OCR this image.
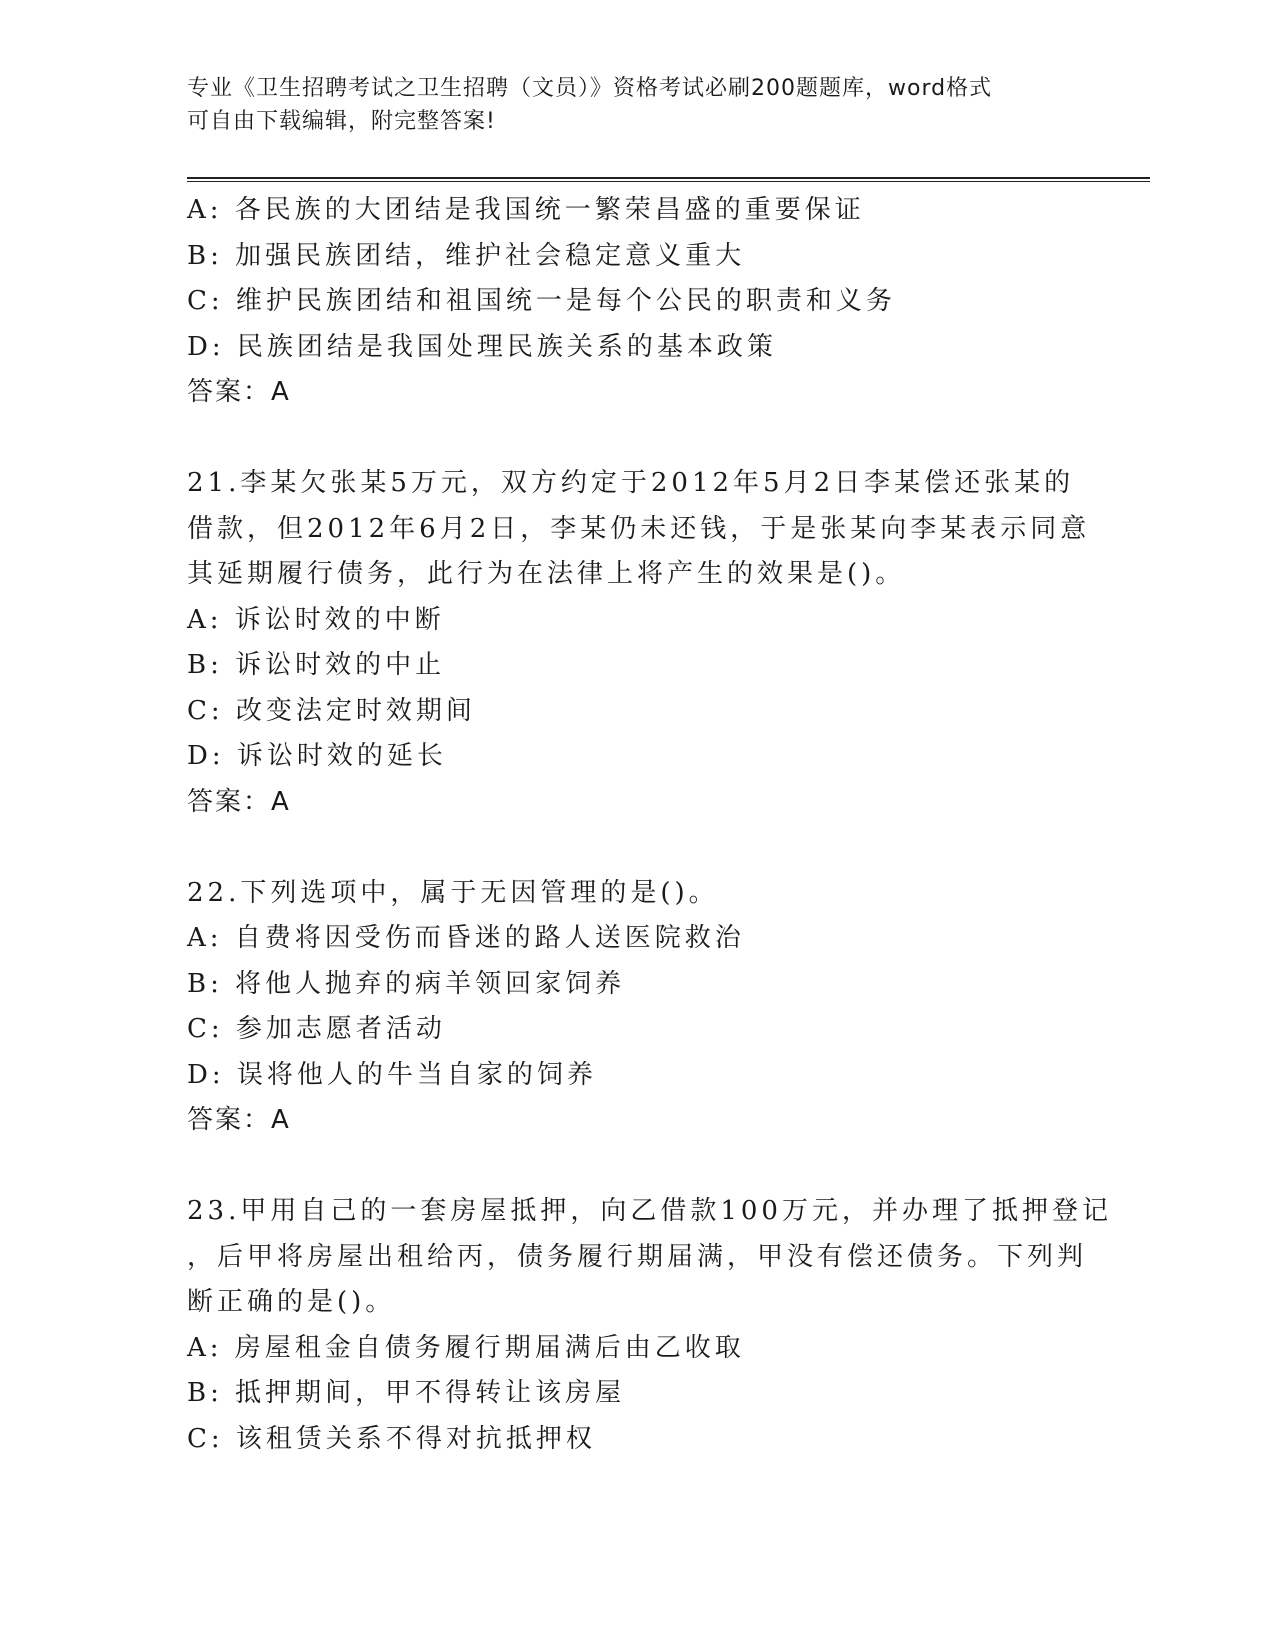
专业《卫生招聘考试之卫生招聘（文员）》资格考试必刷200题题库，word格式
可自由下载编辑，附完整答案!
A: 各民族的大团结是我国统一繁荣昌盛的重要保证
B: 加强民族团结，维护社会稳定意义重大
C: 维护民族团结和祖国统一是每个公民的职责和义务
D: 民族团结是我国处理民族关系的基本政策
答案：A
21.李某欠张某5万元，双方约定于2012年5月2日李某偿还张某的
借款，但2012年6月2日，李某仍未还钱，于是张某向李某表示同意
其延期履行债务，此行为在法律上将产生的效果是()。
A: 诉讼时效的中断
B: 诉讼时效的中止
C: 改变法定时效期间
D: 诉讼时效的延长
答案：A
22.下列选项中，属于无因管理的是()。
A: 自费将因受伤而昏迷的路人送医院救治
B: 将他人抛弃的病羊领回家饲养
C: 参加志愿者活动
D: 误将他人的牛当自家的饲养
答案：A
23.甲用自己的一套房屋抵押，向乙借款100万元，并办理了抵押登记
，后甲将房屋出租给丙，债务履行期届满，甲没有偿还债务。下列判
断正确的是()。
A: 房屋租金自债务履行期届满后由乙收取
B: 抵押期间，甲不得转让该房屋
C: 该租赁关系不得对抗抵押权
